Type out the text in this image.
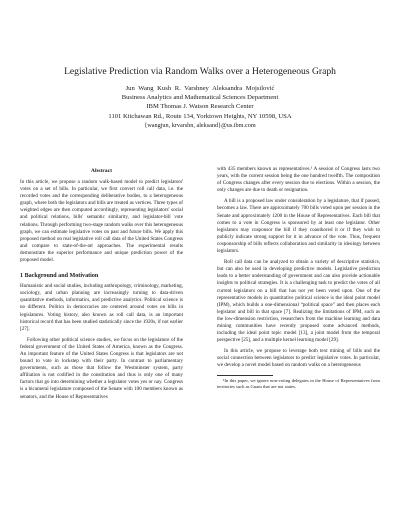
Legislative Prediction via Random Walks over a Heterogeneous Graph
Jun Wang Kush R. Varshney Aleksandra Mojsilović
Business Analytics and Mathematical Sciences Department
IBM Thomas J. Watson Research Center
1101 Kitchawan Rd., Route 134, Yorktown Heights, NY 10598, USA
{wangjun, krvarshn, aleksand}@us.ibm.com
Abstract

In this article, we propose a random walk-based model to predict legislators' votes on a set of bills. In particular, we first convert roll call data, i.e. the recorded votes and the corresponding deliberative bodies, to a heterogeneous graph, where both the legislators and bills are treated as vertices. Three types of weighted edges are then computed accordingly, representing legislators' social and political relations, bills' semantic similarity, and legislator-bill vote relations. Through performing two-stage random walks over this heterogeneous graph, we can estimate legislative votes on past and future bills. We apply this proposed method on real legislative roll call data of the United States Congress and compare to state-of-the-art approaches. The experimental results demonstrate the superior performance and unique prediction power of the proposed model.

1 Background and Motivation

Humanistic and social studies, including anthropology, criminology, marketing, sociology, and urban planning are increasingly turning to data-driven quantitative methods, informatics, and predictive analytics. Political science is no different. Politics in democracies are centered around votes on bills in legislatures. Voting history, also known as roll call data, is an important historical record that has been studied statistically since the 1920s, if not earlier [27].

Following other political science studies, we focus on the legislature of the federal government of the United States of America, known as the Congress. An important feature of the United States Congress is that legislators are not bound to vote in lockstep with their party. In contrast to parliamentary governments, such as those that follow the Westminster system, party affiliation is not codified in the constitution and thus is only one of many factors that go into determining whether a legislator votes yes or nay. Congress is a bicameral legislature composed of the Senate with 100 members known as senators, and the House of Representatives

with 435 members known as representatives.¹ A session of Congress lasts two years, with the current session being the one hundred twelfth. The composition of Congress changes after every session due to elections. Within a session, the only changes are due to death or resignation.

A bill is a proposed law under consideration by a legislature, that if passed, becomes a law. There are approximately 700 bills voted upon per session in the Senate and approximately 1200 in the House of Representatives. Each bill that comes to a vote in Congress is sponsored by at least one legislator. Other legislators may cosponsor the bill if they coauthored it or if they wish to publicly indicate strong support for it in advance of the vote. Thus, frequent cosponsorship of bills reflects collaboration and similarity in ideology between legislators.

Roll call data can be analyzed to obtain a variety of descriptive statistics, but can also be used in developing predictive models. Legislative prediction leads to a better understanding of government and can also provide actionable insights to political strategies. It is a challenging task to predict the votes of all current legislators on a bill that has not yet been voted upon. One of the representative models in quantitative political science is the ideal point model (IPM), which builds a one-dimensional “political space” and then places each legislator and bill in that space [7]. Realizing the limitations of IPM, such as the low-dimension restriction, researchers from the machine learning and data mining communities have recently proposed some advanced methods, including the ideal point topic model [13], a joint model from the temporal perspective [25], and a multiple kernel learning model [29].

In this article, we propose to leverage both text mining of bills and the social connection between legislators to predict legislative votes. In particular, we develop a novel model based on random walks on a heterogeneous

¹In this paper, we ignore non-voting delegates in the House of Representatives from territories such as Guam that are not states.
